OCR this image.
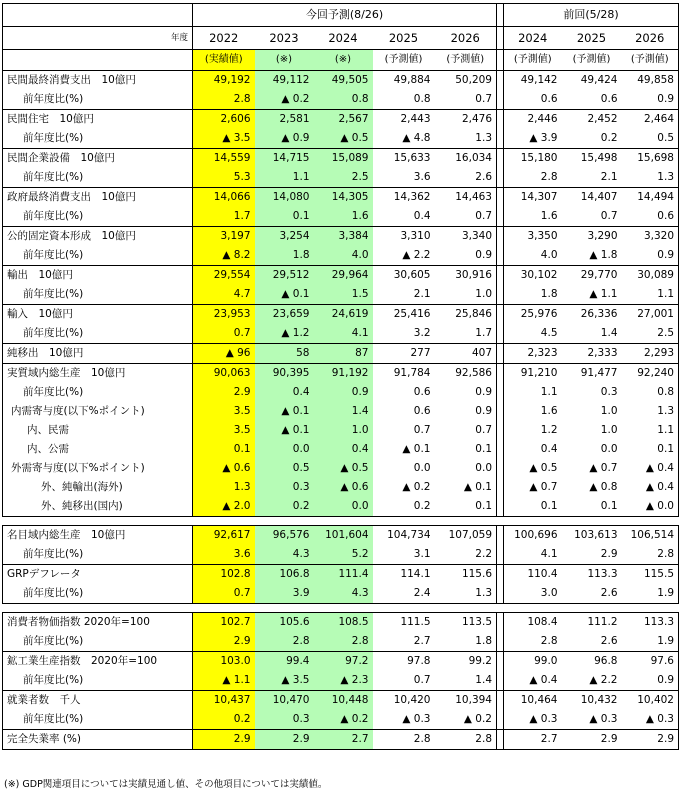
	今回予測(8/26)						前回(5/28)		
年度	2022	2023	2024	2025	2026		2024	2025	2026
	(実績値)	(※)	(※)	(予測値)	(予測値)		(予測値)	(予測値)	(予測値)
民間最終消費支出　10億円	49,192	49,112	49,505	49,884	50,209		49,142	49,424	49,858
前年度比(%)	2.8	▲ 0.2	0.8	0.8	0.7		0.6	0.6	0.9
民間住宅　10億円	2,606	2,581	2,567	2,443	2,476		2,446	2,452	2,464
前年度比(%)	▲ 3.5	▲ 0.9	▲ 0.5	▲ 4.8	1.3		▲ 3.9	0.2	0.5
民間企業設備　10億円	14,559	14,715	15,089	15,633	16,034		15,180	15,498	15,698
前年度比(%)	5.3	1.1	2.5	3.6	2.6		2.8	2.1	1.3
政府最終消費支出　10億円	14,066	14,080	14,305	14,362	14,463		14,307	14,407	14,494
前年度比(%)	1.7	0.1	1.6	0.4	0.7		1.6	0.7	0.6
公的固定資本形成　10億円	3,197	3,254	3,384	3,310	3,340		3,350	3,290	3,320
前年度比(%)	▲ 8.2	1.8	4.0	▲ 2.2	0.9		4.0	▲ 1.8	0.9
輸出　10億円	29,554	29,512	29,964	30,605	30,916		30,102	29,770	30,089
前年度比(%)	4.7	▲ 0.1	1.5	2.1	1.0		1.8	▲ 1.1	1.1
輸入　10億円	23,953	23,659	24,619	25,416	25,846		25,976	26,336	27,001
前年度比(%)	0.7	▲ 1.2	4.1	3.2	1.7		4.5	1.4	2.5
純移出　10億円	▲ 96	58	87	277	407		2,323	2,333	2,293
実質域内総生産　10億円	90,063	90,395	91,192	91,784	92,586		91,210	91,477	92,240
前年度比(%)	2.9	0.4	0.9	0.6	0.9		1.1	0.3	0.8
内需寄与度(以下%ポイント)	3.5	▲ 0.1	1.4	0.6	0.9		1.6	1.0	1.3
内、民需	3.5	▲ 0.1	1.0	0.7	0.7		1.2	1.0	1.1
内、公需	0.1	0.0	0.4	▲ 0.1	0.1		0.4	0.0	0.1
外需寄与度(以下%ポイント)	▲ 0.6	0.5	▲ 0.5	0.0	0.0		▲ 0.5	▲ 0.7	▲ 0.4
外、純輸出(海外)	1.3	0.3	▲ 0.6	▲ 0.2	▲ 0.1		▲ 0.7	▲ 0.8	▲ 0.4
外、純移出(国内)	▲ 2.0	0.2	0.0	0.2	0.1		0.1	0.1	▲ 0.0

名目域内総生産　10億円	92,617	96,576	101,604	104,734	107,059		100,696	103,613	106,514
前年度比(%)	3.6	4.3	5.2	3.1	2.2		4.1	2.9	2.8
GRPデフレータ	102.8	106.8	111.4	114.1	115.6		110.4	113.3	115.5
前年度比(%)	0.7	3.9	4.3	2.4	1.3		3.0	2.6	1.9

消費者物価指数 2020年=100	102.7	105.6	108.5	111.5	113.5		108.4	111.2	113.3
前年度比(%)	2.9	2.8	2.8	2.7	1.8		2.8	2.6	1.9
鉱工業生産指数　2020年=100	103.0	99.4	97.2	97.8	99.2		99.0	96.8	97.6
前年度比(%)	▲ 1.1	▲ 3.5	▲ 2.3	0.7	1.4		▲ 0.4	▲ 2.2	0.9
就業者数　千人	10,437	10,470	10,448	10,420	10,394		10,464	10,432	10,402
前年度比(%)	0.2	0.3	▲ 0.2	▲ 0.3	▲ 0.2		▲ 0.3	▲ 0.3	▲ 0.3
完全失業率 (%)	2.9	2.9	2.7	2.8	2.8		2.7	2.9	2.9
(※) GDP関連項目については実績見通し値、その他項目については実績値。
